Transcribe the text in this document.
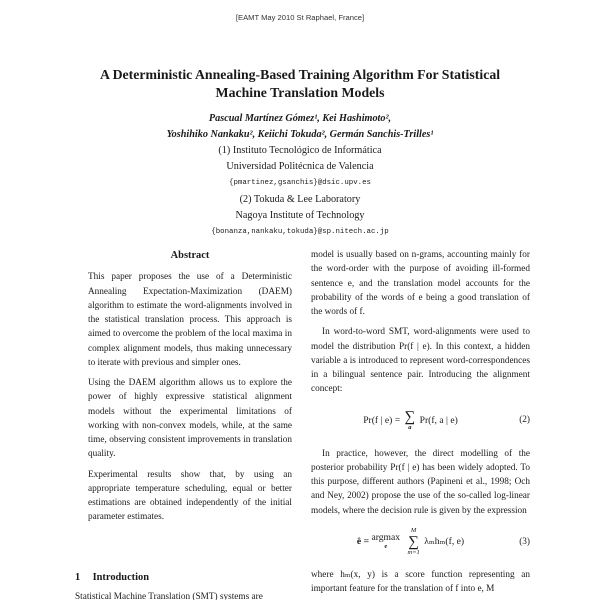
[EAMT May 2010 St Raphael, France]
A Deterministic Annealing-Based Training Algorithm For Statistical
Machine Translation Models
Pascual Martínez Gómez¹, Kei Hashimoto²,
Yoshihiko Nankaku², Keiichi Tokuda², Germán Sanchis-Trilles¹
(1) Instituto Tecnológico de Informática
Universidad Politécnica de Valencia
{pmartinez,gsanchis}@dsic.upv.es
(2) Tokuda & Lee Laboratory
Nagoya Institute of Technology
{bonanza,nankaku,tokuda}@sp.nitech.ac.jp
Abstract

This paper proposes the use of a Deterministic Annealing Expectation-Maximization (DAEM) algorithm to estimate the word-alignments involved in the statistical translation process. This approach is aimed to overcome the problem of the local maxima in complex alignment models, thus making unnecessary to iterate with previous and simpler ones.

Using the DAEM algorithm allows us to explore the power of highly expressive statistical alignment models without the experimental limitations of working with non-convex models, while, at the same time, observing consistent improvements in translation quality.

Experimental results show that, by using an appropriate temperature scheduling, equal or better estimations are obtained independently of the initial parameter estimates.

1 Introduction
Statistical Machine Translation (SMT) systems are

model is usually based on n-grams, accounting mainly for the word-order with the purpose of avoiding ill-formed sentence e, and the translation model accounts for the probability of the words of e being a good translation of the words of f.

In word-to-word SMT, word-alignments were used to model the distribution Pr(f | e). In this context, a hidden variable a is introduced to represent word-correspondences in a bilingual sentence pair. Introducing the alignment concept:

Pr(f | e) = ∑
a
Pr(f, a | e)	(2)

In practice, however, the direct modelling of the posterior probability Pr(f | e) has been widely adopted. To this purpose, different authors (Papineni et al., 1998; Och and Ney, 2002) propose the use of the so-called log-linear models, where the decision rule is given by the expression

ê = argmax
e

M
∑
m=1
λₘhₘ(f, e)	(3)

where hₘ(x, y) is a score function representing an important feature for the translation of f into e, M
